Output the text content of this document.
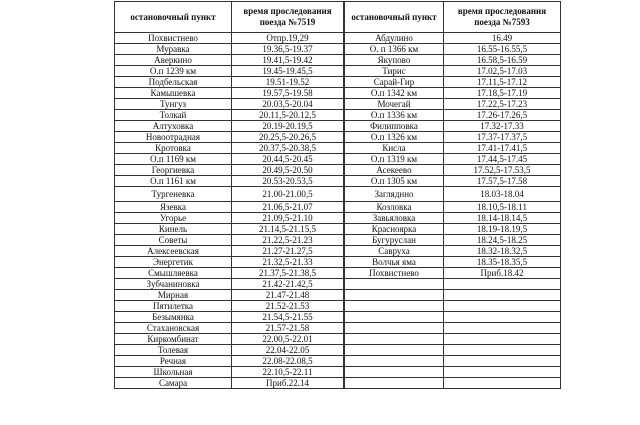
остановочный пункт	время проследования поезда №7519
Похвистнево	Отпр.19,29
Муравка	19.36,5-19.37
Аверкино	19.41,5-19.42
О.п 1239 км	19.45-19.45,5
Подбельская	19.51-19.52
Камышевка	19.57,5-19.58
Тунгуз	20.03,5-20.04
Толкай	20.11,5-20.12,5
Алтуховка	20.19-20.19,5
Новоотрадная	20.25,5-20.26,5
Кротовка	20.37,5-20.38,5
О.п 1169 км	20.44,5-20.45
Георгиевка	20.49,5-20.50
О.п 1161 км	20.53-20.53,5
Тургеневка	21.00-21.00,5
Язевка	21.06,5-21.07
Угорье	21.09,5-21.10
Кинель	21.14,5-21.15,5
Советы	21.22,5-21.23
Алексеевская	21.27-21.27,5
Энергетик	21.32,5-21.33
Смышляевка	21.37,5-21.38,5
Зубчаниновка	21.42-21.42,5
Мирная	21.47-21.48
Пятилетка	21.52-21.53
Безымянка	21.54,5-21.55
Стахановская	21.57-21.58
Киркомбинат	22.00,5-22.01
Толевая	22.04-22.05
Речная	22.08-22.08,5
Школьная	22.10,5-22.11
Самара	Приб.22.14
остановочный пункт	время проследования поезда №7593
Абдулино	16.49
О. п 1366 км	16.55-16.55,5
Якупово	16.58,5-16.59
Тирис	17.02,5-17.03
Сарай-Гир	17.11,5-17.12
О.п 1342 км	17.18,5-17.19
Мочегай	17.22,5-17.23
О.п 1336 км	17.26-17.26,5
Филипповка	17.32-17.33
О.п 1326 км	17.37-17.37,5
Кисла	17.41-17.41,5
О.п 1319 км	17.44,5-17.45
Асекеево	17.52,5-17.53,5
О.п 1305 км	17.57,5-17.58
Загляднно	18.03-18.04
Козловка	18.10,5-18.11
Завьяловка	18.14-18.14,5
Красноярка	18.19-18.19,5
Бугуруслан	18.24,5-18.25
Савруха	18.32-18.32,5
Волчья яма	18.35-18.35,5
Похвистнево	Приб.18.42
